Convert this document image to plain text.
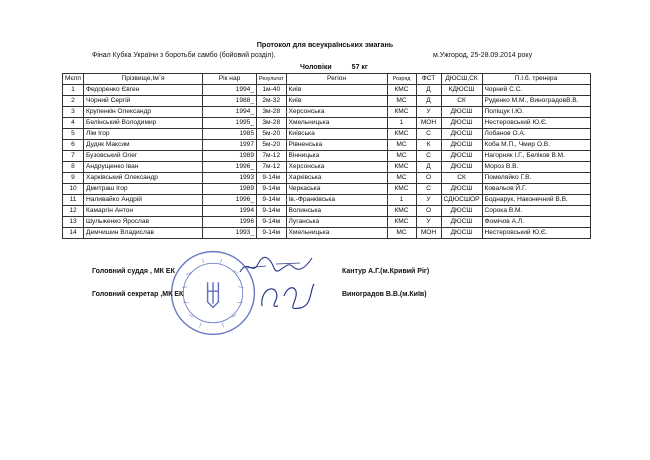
Протокол для всеукраїнських змагань
Фінал Кубка України з боротьби самбо (бойовий розділ).	м.Ужгород, 25-28.09.2014 року
Чоловіки	57 кг
Мєпп	Прізвище,Ім`я	Рік нар	Результат	Регіон	Розряд	ФСТ	ДЮСШ,СК	П.І.б. тренера
1	Федоренко Євген	1994_	1м-40	Київ	КМС	Д	КДЮСШ	Чорний С.С.
2	Чорний Сергій	1988_	2м-32	Київ	МС	Д	СК	Руденко М.М., ВиноградовВ.В.
3	Крупенкін Олександр	1994_	3м-28	Херсонська	КМС	У	ДЮСШ	Поліщук І.Ю.
4	Белінський Володимир	1995_	3м-28	Хмельницька	1	МОН	ДЮСШ	Нестеровський Ю.Є.
5	Лім Ігор	1985	5м-20	Київська	КМС	С	ДЮСШ	Лобанов О.А.
6	Дудяк Максим	1997	5м-20	Рівненська	МС	К	ДЮСШ	Коба М.П., Чмир О.В.
7	Бузовський Олег	1989	7м-12	Вінницька	МС	С	ДЮСШ	Нагорняк І.Г., Беліков В.М.
8	Андрущенко Іван	1996_	7м-12	Херсонська	КМС	Д	ДЮСШ	Мороз В.В.
9	Харківський Олександр	1993	9-14м	Харківська	МС	О	СК	Помеляйко Г.В.
10	Дмитраш Ігор	1989	9-14м	Черкаська	КМС	С	ДЮСШ	Ковальов Й.Г.
11	Наливайко Андрій	1996_	9-14м	Ів.-Франківська	1	У	СДЮСШОР	Боднарук, Наконечний В.В.
12	Камаргін Антон	1994	9-14м	Волинська	КМС	О	ДЮСШ	Сорока В.М.
13	Шульженко Ярослав	1996	9-14м	Луганська	КМС	У	ДЮСШ	Фомічов А.Л.
14	Демчишин Владислав	1993_	9-14м	Хмельницька	МС	МОН	ДЮСШ	Нестеровський Ю.Є.
Головний суддя , МК ЕК	Кантур А.Г.(м.Кривий Ріг)
Головний секретар ,МК ЕК	Виноградов В.В.(м.Київ)
